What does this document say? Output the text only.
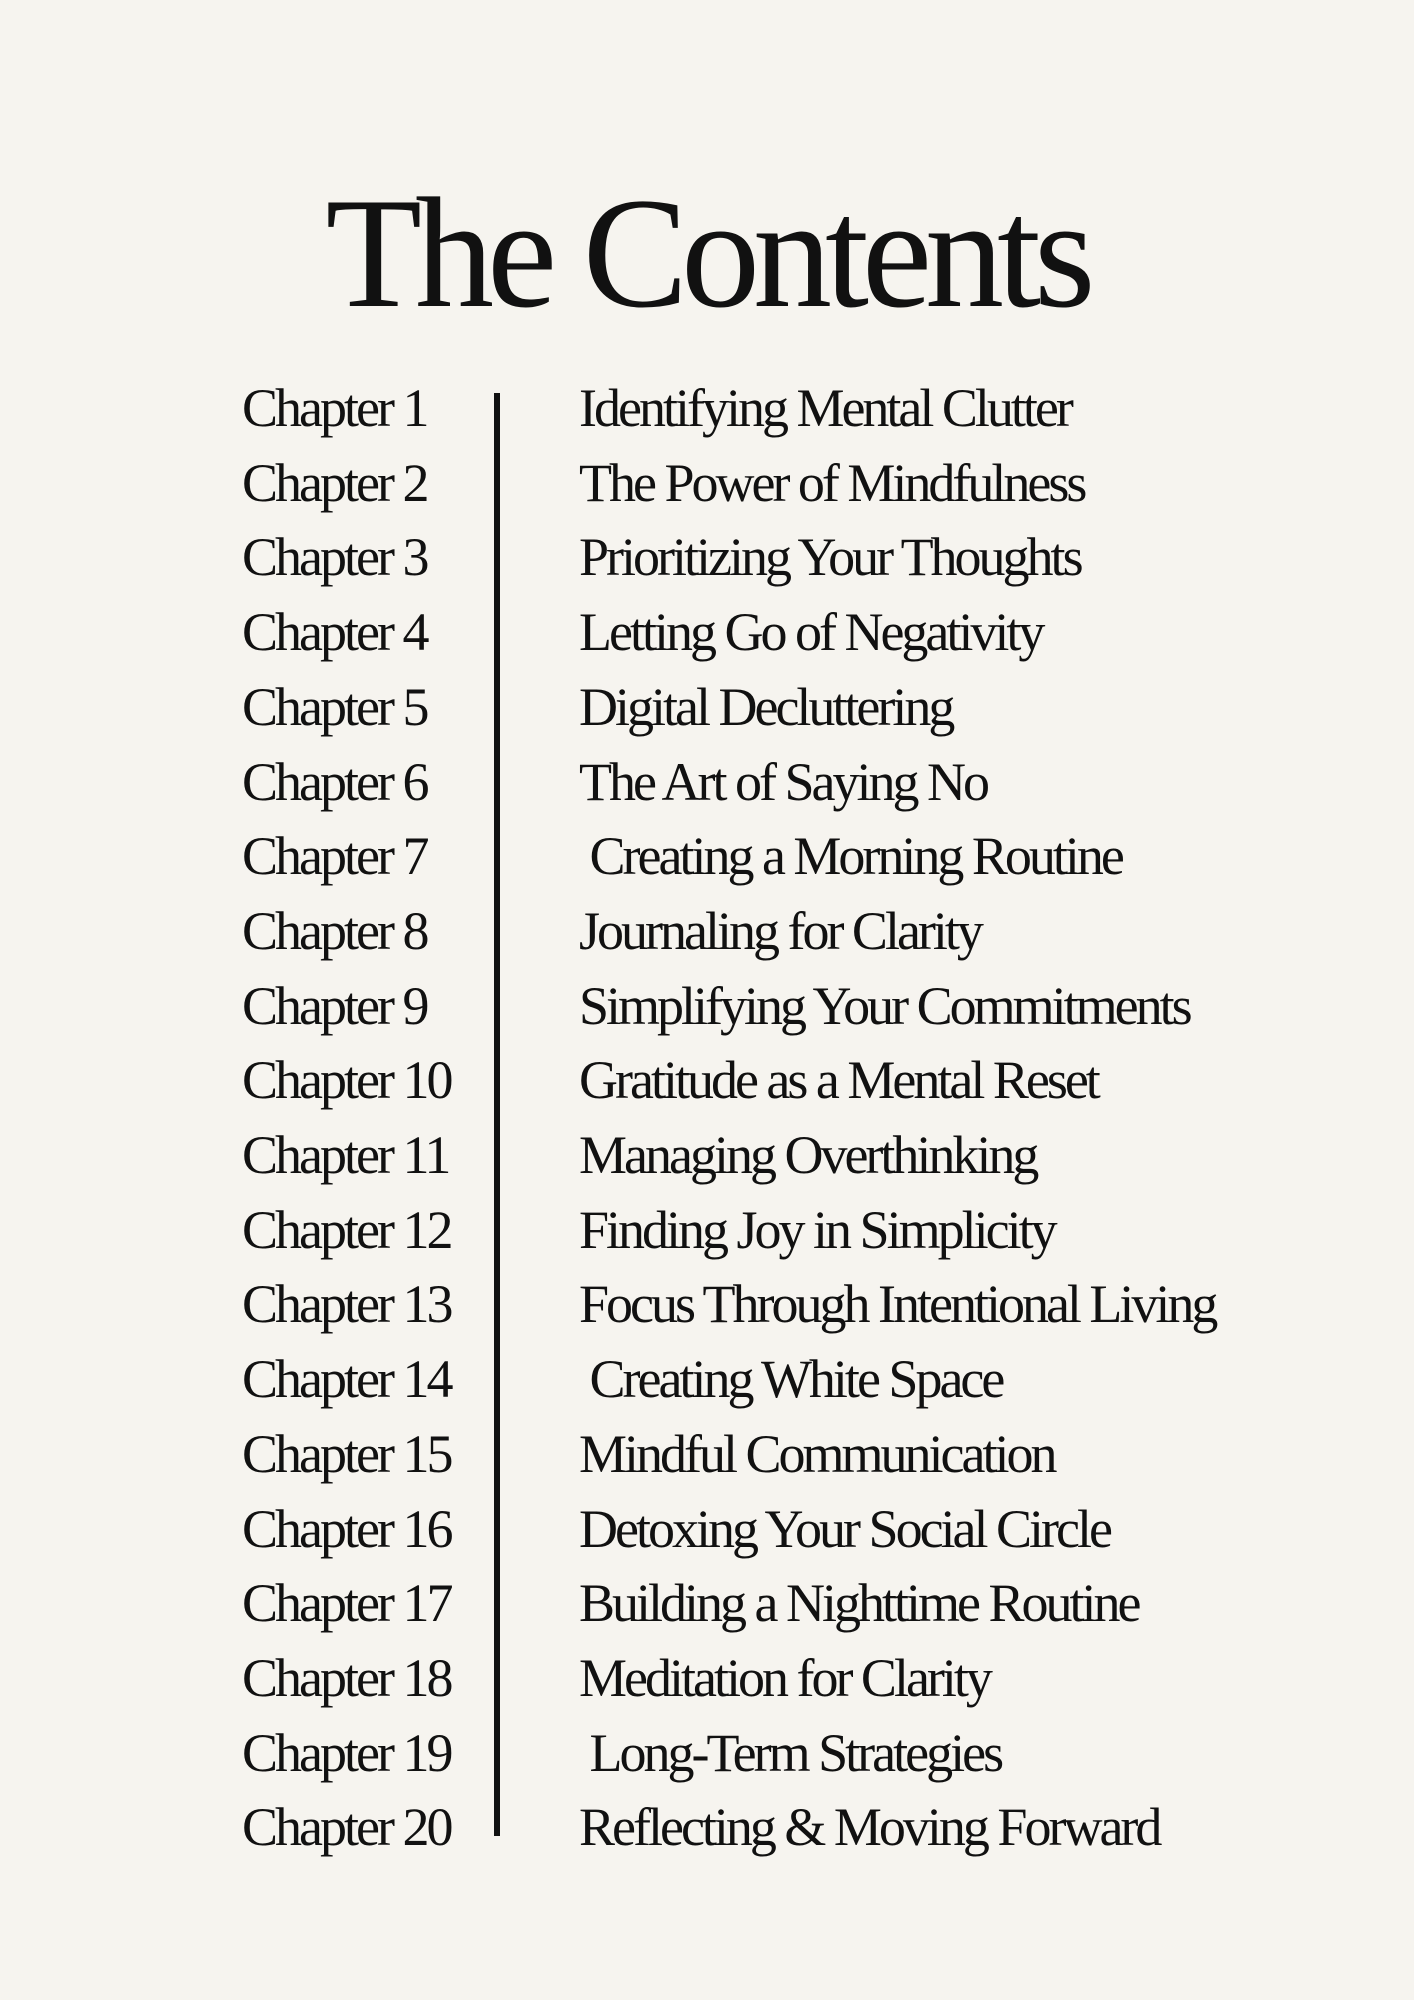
The Contents
Chapter 1	Identifying Mental Clutter
Chapter 2	The Power of Mindfulness
Chapter 3	Prioritizing Your Thoughts
Chapter 4	Letting Go of Negativity
Chapter 5	Digital Decluttering
Chapter 6	The Art of Saying No
Chapter 7	Creating a Morning Routine
Chapter 8	Journaling for Clarity
Chapter 9	Simplifying Your Commitments
Chapter 10 Gratitude as a Mental Reset
Chapter 11 Managing Overthinking
Chapter 12 Finding Joy in Simplicity
Chapter 13 Focus Through Intentional Living
Chapter 14 Creating White Space
Chapter 15 Mindful Communication
Chapter 16 Detoxing Your Social Circle
Chapter 17 Building a Nighttime Routine
Chapter 18 Meditation for Clarity
Chapter 19 Long-Term Strategies
Chapter 20 Reflecting & Moving Forward
